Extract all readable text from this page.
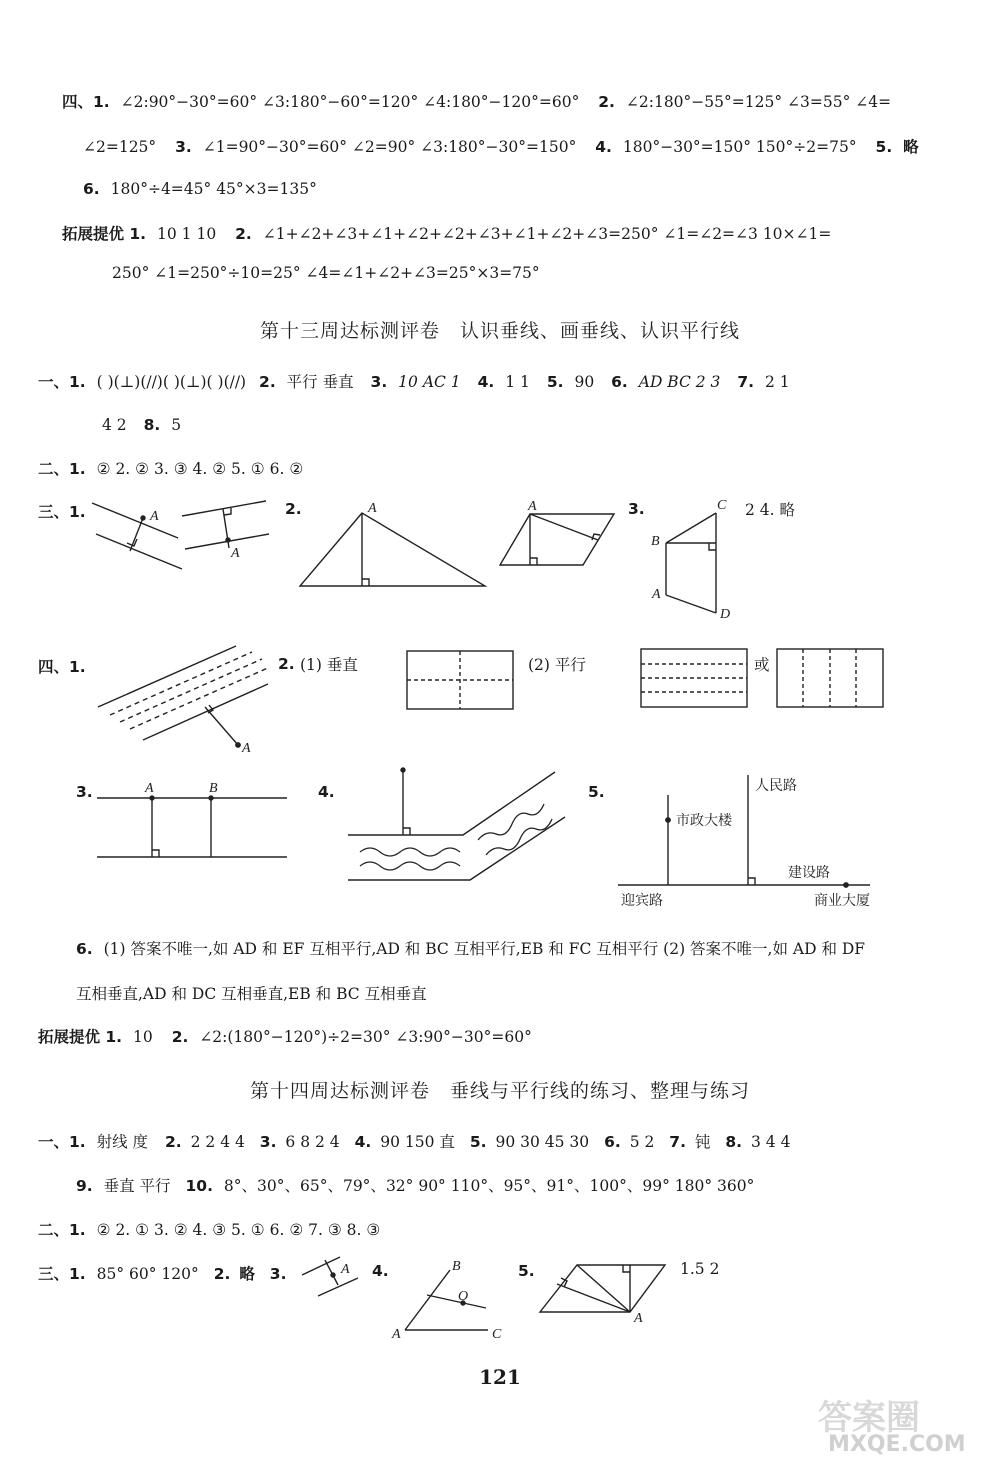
四、1. ∠2:90°−30°=60° ∠3:180°−60°=120° ∠4:180°−120°=60° 2. ∠2:180°−55°=125° ∠3=55° ∠4=
∠2=125° 3. ∠1=90°−30°=60° ∠2=90° ∠3:180°−30°=150° 4. 180°−30°=150° 150°÷2=75° 5. 略
6. 180°÷4=45° 45°×3=135°
拓展提优 1. 10 1 10 2. ∠1+∠2+∠3+∠1+∠2+∠2+∠3+∠1+∠2+∠3=250° ∠1=∠2=∠3 10×∠1=
250° ∠1=250°÷10=25° ∠4=∠1+∠2+∠3=25°×3=75°
第十三周达标测评卷　认识垂线、画垂线、认识平行线
一、1. ( )(⊥)(//)( )(⊥)( )(//) 2. 平行 垂直 3. 10 AC 1 4. 1 1 5. 90 6. AD BC 2 3 7. 2 1
4 2 8. 5
二、1. ② 2. ② 3. ③ 4. ② 5. ① 6. ②
三、1.	2.	3.	2 4. 略
四、1.	2. (1) 垂直	(2) 平行	或
3.	4.	5.
6. (1) 答案不唯一,如 AD 和 EF 互相平行,AD 和 BC 互相平行,EB 和 FC 互相平行 (2) 答案不唯一,如 AD 和 DF
互相垂直,AD 和 DC 互相垂直,EB 和 BC 互相垂直
拓展提优 1. 10 2. ∠2:(180°−120°)÷2=30° ∠3:90°−30°=60°
第十四周达标测评卷　垂线与平行线的练习、整理与练习
一、1. 射线 度 2. 2 2 4 4 3. 6 8 2 4 4. 90 150 直 5. 90 30 45 30 6. 5 2 7. 钝 8. 3 4 4
9. 垂直 平行 10. 8°、30°、65°、79°、32° 90° 110°、95°、91°、100°、99° 180° 360°
二、1. ② 2. ① 3. ② 4. ③ 5. ① 6. ② 7. ③ 8. ③
三、1. 85° 60° 120° 2. 略 3.	4.	5.	1.5 2
A
A
A	A	C
B
A
D
A
A	B	人民路
市政大楼
建设路
迎宾路	商业大厦
A	B
O
A	C
A
121
答案圈
MXQE.COM
